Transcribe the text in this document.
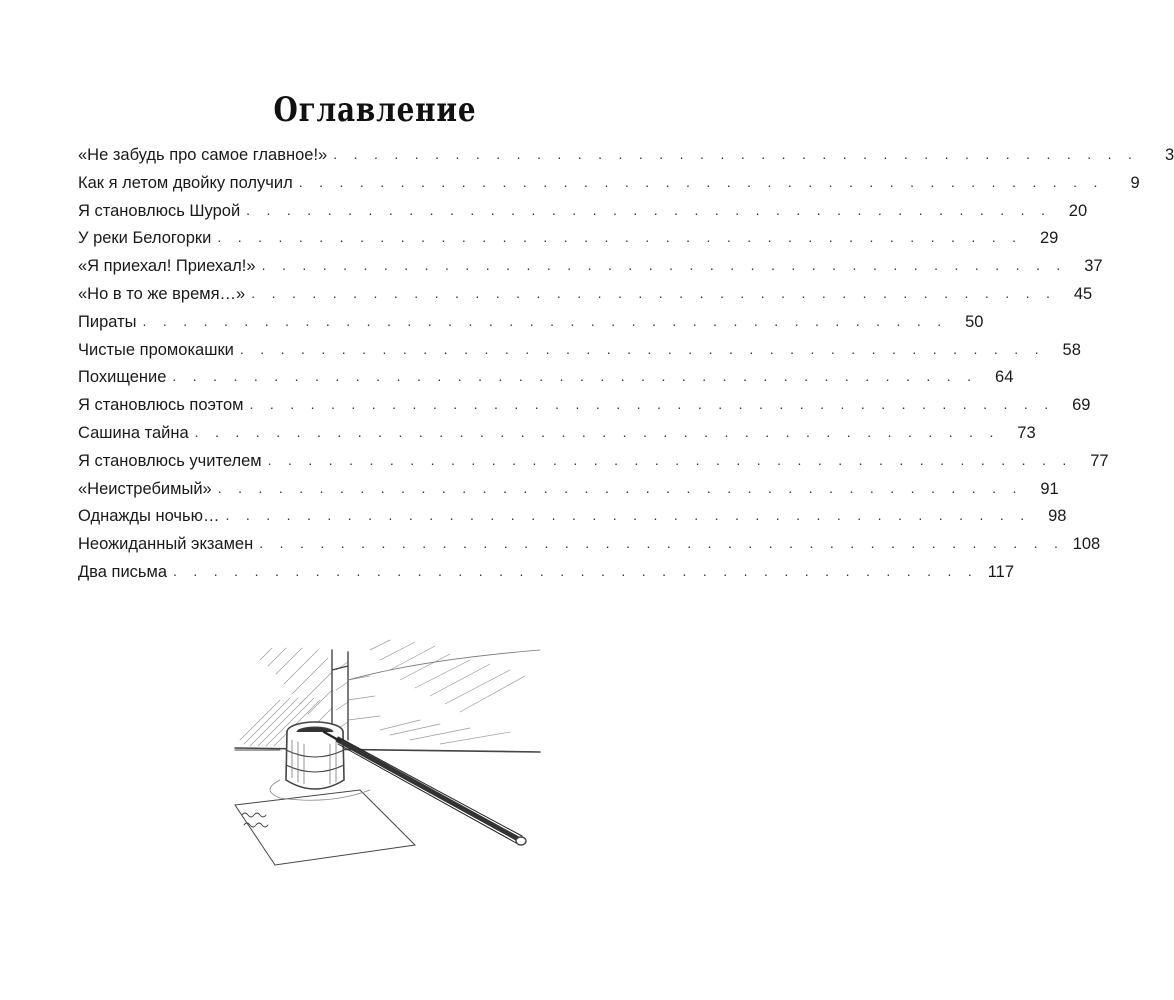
Оглавление
«Не забудь про самое главное!» . . . . . . . . . . . . . . . . . . . . . . . . . . . . . . . . . . . . . . . .	3
Как я летом двойку получил . . . . . . . . . . . . . . . . . . . . . . . . . . . . . . . . . . . . . . . .	9
Я становлюсь Шурой . . . . . . . . . . . . . . . . . . . . . . . . . . . . . . . . . . . . . . . .	20
У реки Белогорки . . . . . . . . . . . . . . . . . . . . . . . . . . . . . . . . . . . . . . . .	29
«Я приехал! Приехал!» . . . . . . . . . . . . . . . . . . . . . . . . . . . . . . . . . . . . . . . .	37
«Но в то же время…» . . . . . . . . . . . . . . . . . . . . . . . . . . . . . . . . . . . . . . . .	45
Пираты . . . . . . . . . . . . . . . . . . . . . . . . . . . . . . . . . . . . . . . .	50
Чистые промокашки . . . . . . . . . . . . . . . . . . . . . . . . . . . . . . . . . . . . . . . .	58
Похищение . . . . . . . . . . . . . . . . . . . . . . . . . . . . . . . . . . . . . . . .	64
Я становлюсь поэтом . . . . . . . . . . . . . . . . . . . . . . . . . . . . . . . . . . . . . . . .	69
Сашина тайна . . . . . . . . . . . . . . . . . . . . . . . . . . . . . . . . . . . . . . . .	73
Я становлюсь учителем . . . . . . . . . . . . . . . . . . . . . . . . . . . . . . . . . . . . . . . .	77
«Неистребимый» . . . . . . . . . . . . . . . . . . . . . . . . . . . . . . . . . . . . . . . .	91
Однажды ночью… . . . . . . . . . . . . . . . . . . . . . . . . . . . . . . . . . . . . . . . .	98
Неожиданный экзамен . . . . . . . . . . . . . . . . . . . . . . . . . . . . . . . . . . . . . . . . 108
Два письма . . . . . . . . . . . . . . . . . . . . . . . . . . . . . . . . . . . . . . . . 117
